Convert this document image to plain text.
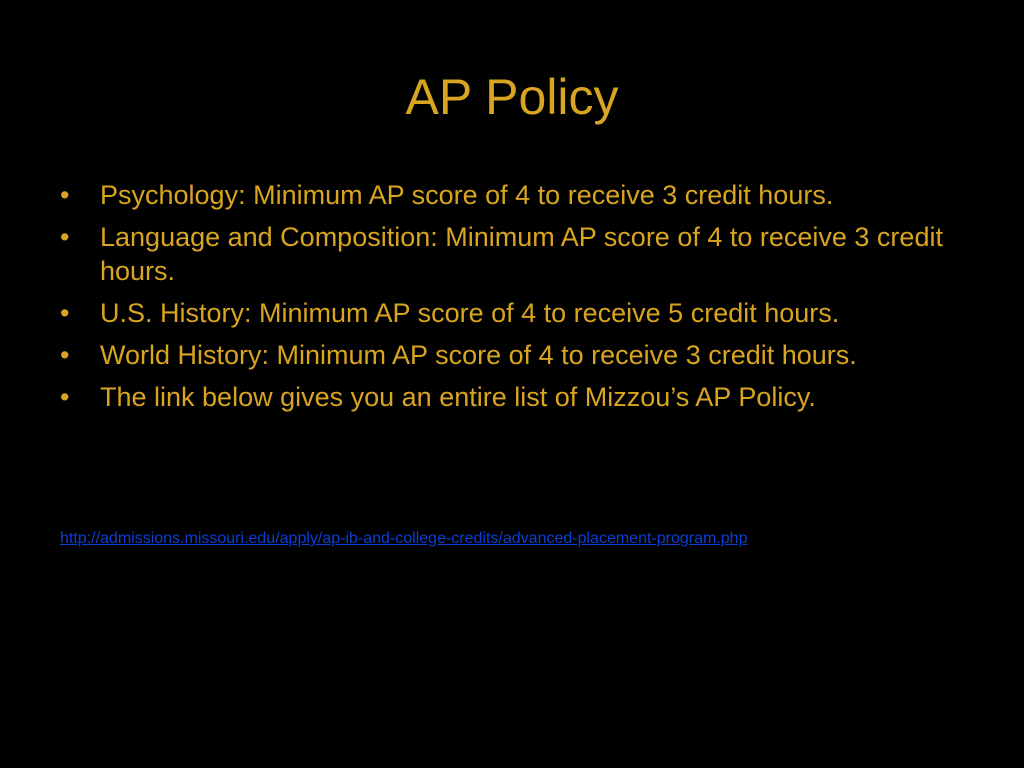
AP Policy
• Psychology: Minimum AP score of 4 to receive 3 credit hours.
• Language and Composition: Minimum AP score of 4 to receive 3 credit hours.
• U.S. History: Minimum AP score of 4 to receive 5 credit hours.
• World History: Minimum AP score of 4 to receive 3 credit hours.
• The link below gives you an entire list of Mizzou’s AP Policy.
http://admissions.missouri.edu/apply/ap-ib-and-college-credits/advanced-placement-program.php
